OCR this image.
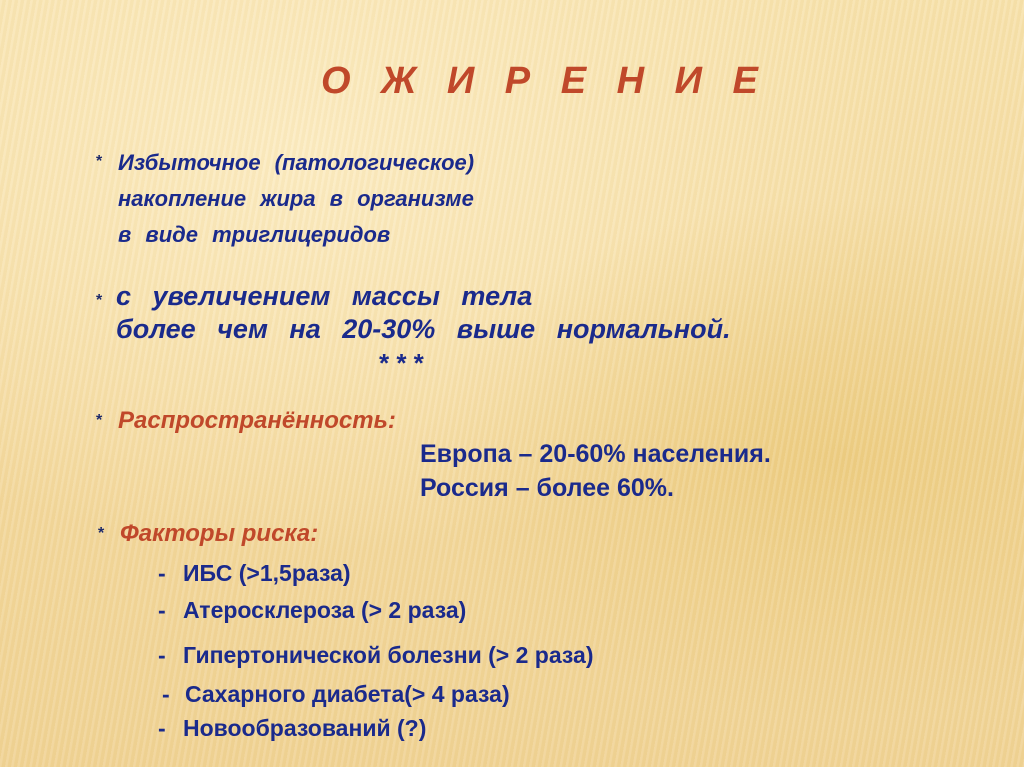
О Ж И Р Е Н И Е
* Избыточное (патологическое)
накопление жира в организме
в виде триглицеридов
* с увеличением массы тела
более чем на 20-30% выше нормальной.
* * *
* Распространённость:
Европа – 20-60% населения.
Россия – более 60%.
* Факторы риска:
- ИБС (>1,5раза)
- Атеросклероза (> 2 раза)
- Гипертонической болезни (> 2 раза)
- Сахарного диабета(> 4 раза)
- Новообразований (?)
